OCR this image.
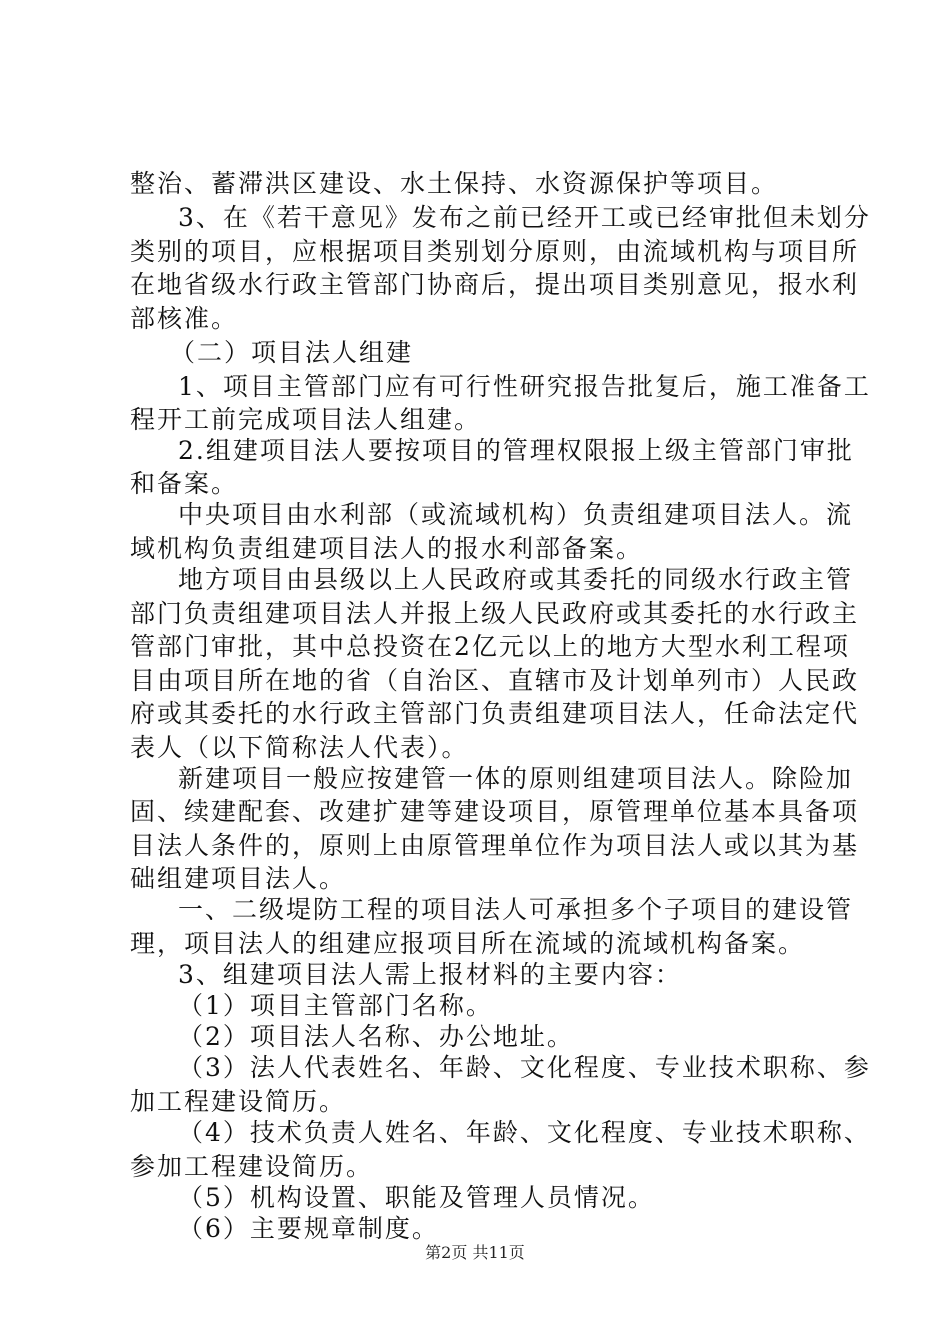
整治、蓄滞洪区建设、水土保持、水资源保护等项目。
3、在《若干意见》发布之前已经开工或已经审批但未划分
类别的项目，应根据项目类别划分原则，由流域机构与项目所
在地省级水行政主管部门协商后，提出项目类别意见，报水利
部核准。
（二）项目法人组建
1、项目主管部门应有可行性研究报告批复后，施工准备工
程开工前完成项目法人组建。
2.组建项目法人要按项目的管理权限报上级主管部门审批
和备案。
中央项目由水利部（或流域机构）负责组建项目法人。流
域机构负责组建项目法人的报水利部备案。
地方项目由县级以上人民政府或其委托的同级水行政主管
部门负责组建项目法人并报上级人民政府或其委托的水行政主
管部门审批，其中总投资在2亿元以上的地方大型水利工程项
目由项目所在地的省（自治区、直辖市及计划单列市）人民政
府或其委托的水行政主管部门负责组建项目法人，任命法定代
表人（以下简称法人代表）。
新建项目一般应按建管一体的原则组建项目法人。除险加
固、续建配套、改建扩建等建设项目，原管理单位基本具备项
目法人条件的，原则上由原管理单位作为项目法人或以其为基
础组建项目法人。
一、二级堤防工程的项目法人可承担多个子项目的建设管
理，项目法人的组建应报项目所在流域的流域机构备案。
3、组建项目法人需上报材料的主要内容：
（1）项目主管部门名称。
（2）项目法人名称、办公地址。
（3）法人代表姓名、年龄、文化程度、专业技术职称、参
加工程建设简历。
（4）技术负责人姓名、年龄、文化程度、专业技术职称、
参加工程建设简历。
（5）机构设置、职能及管理人员情况。
（6）主要规章制度。
第2页 共11页
